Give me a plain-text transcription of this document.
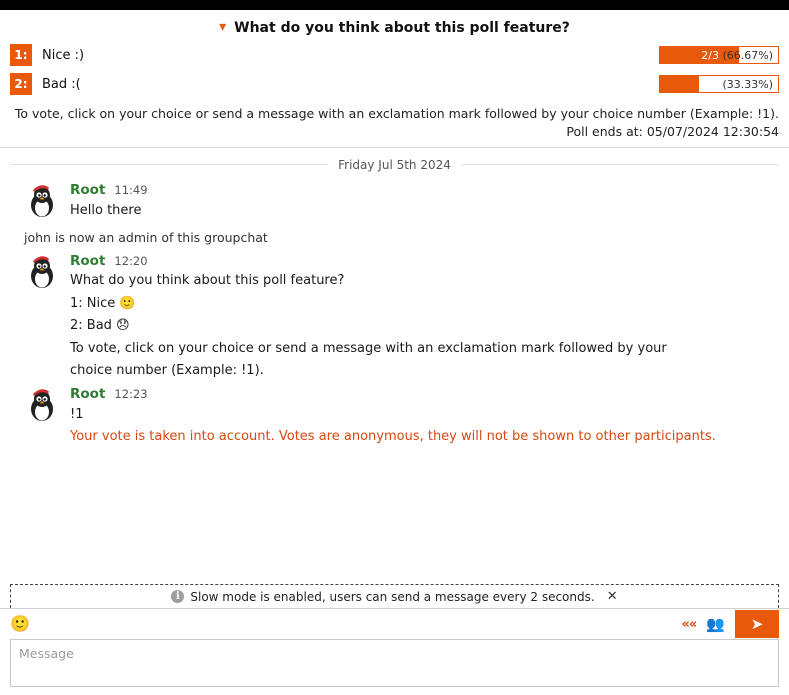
▾ What do you think about this poll feature?
1:	Nice :)	2/3 (66.67%)
2:	Bad :(	1/3 (33.33%)
To vote, click on your choice or send a message with an exclamation mark followed by your choice number (Example: !1).
Poll ends at: 05/07/2024 12:30:54
Friday Jul 5th 2024
Root 11:49
Hello there
john is now an admin of this groupchat
Root 12:20
What do you think about this poll feature?
1: Nice 🙂
2: Bad 😞
To vote, click on your choice or send a message with an exclamation mark followed by your choice number (Example: !1).
Root 12:23
!1
Your vote is taken into account. Votes are anonymous, they will not be shown to other participants.
i Slow mode is enabled, users can send a message every 2 seconds. ✕
🙂	«« 👥	➤
Message
